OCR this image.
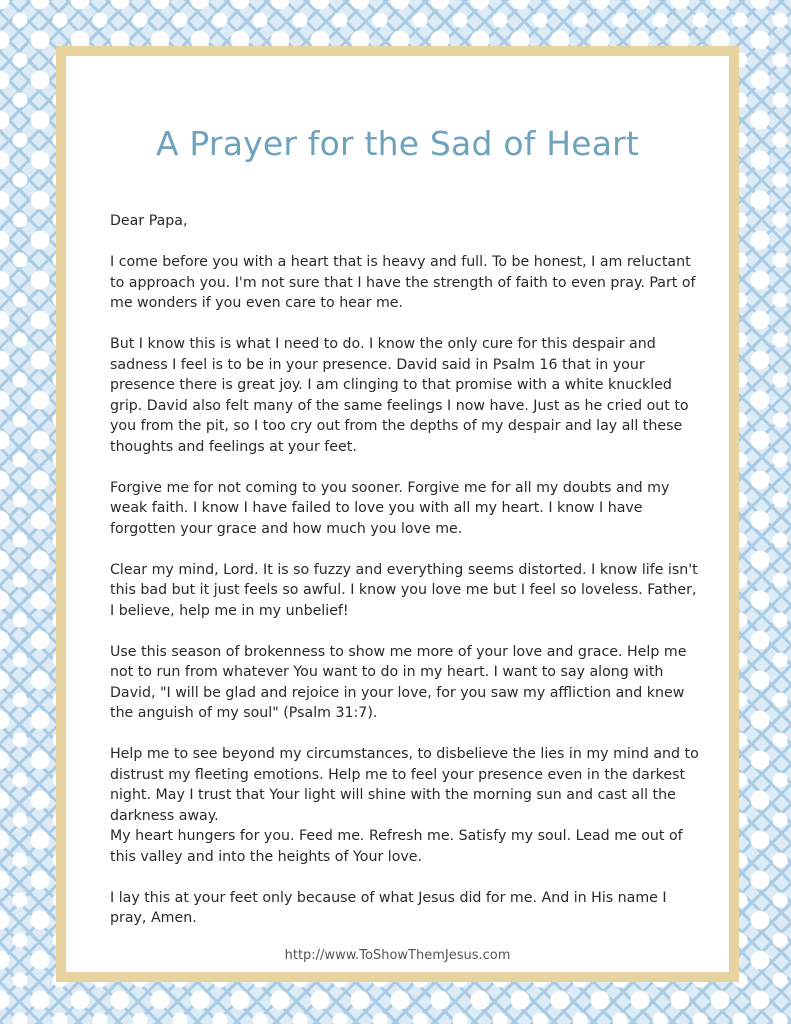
A Prayer for the Sad of Heart

Dear Papa,

I come before you with a heart that is heavy and full. To be honest, I am reluctant to approach you. I'm not sure that I have the strength of faith to even pray. Part of me wonders if you even care to hear me.

But I know this is what I need to do. I know the only cure for this despair and sadness I feel is to be in your presence. David said in Psalm 16 that in your presence there is great joy. I am clinging to that promise with a white knuckled grip. David also felt many of the same feelings I now have. Just as he cried out to you from the pit, so I too cry out from the depths of my despair and lay all these thoughts and feelings at your feet.

Forgive me for not coming to you sooner. Forgive me for all my doubts and my weak faith. I know I have failed to love you with all my heart. I know I have forgotten your grace and how much you love me.

Clear my mind, Lord. It is so fuzzy and everything seems distorted. I know life isn't this bad but it just feels so awful. I know you love me but I feel so loveless. Father, I believe, help me in my unbelief!

Use this season of brokenness to show me more of your love and grace. Help me not to run from whatever You want to do in my heart. I want to say along with David, "I will be glad and rejoice in your love, for you saw my affliction and knew the anguish of my soul" (Psalm 31:7).

Help me to see beyond my circumstances, to disbelieve the lies in my mind and to distrust my fleeting emotions. Help me to feel your presence even in the darkest night. May I trust that Your light will shine with the morning sun and cast all the darkness away.

My heart hungers for you. Feed me. Refresh me. Satisfy my soul. Lead me out of this valley and into the heights of Your love.

I lay this at your feet only because of what Jesus did for me. And in His name I pray, Amen.

http://www.ToShowThemJesus.com
